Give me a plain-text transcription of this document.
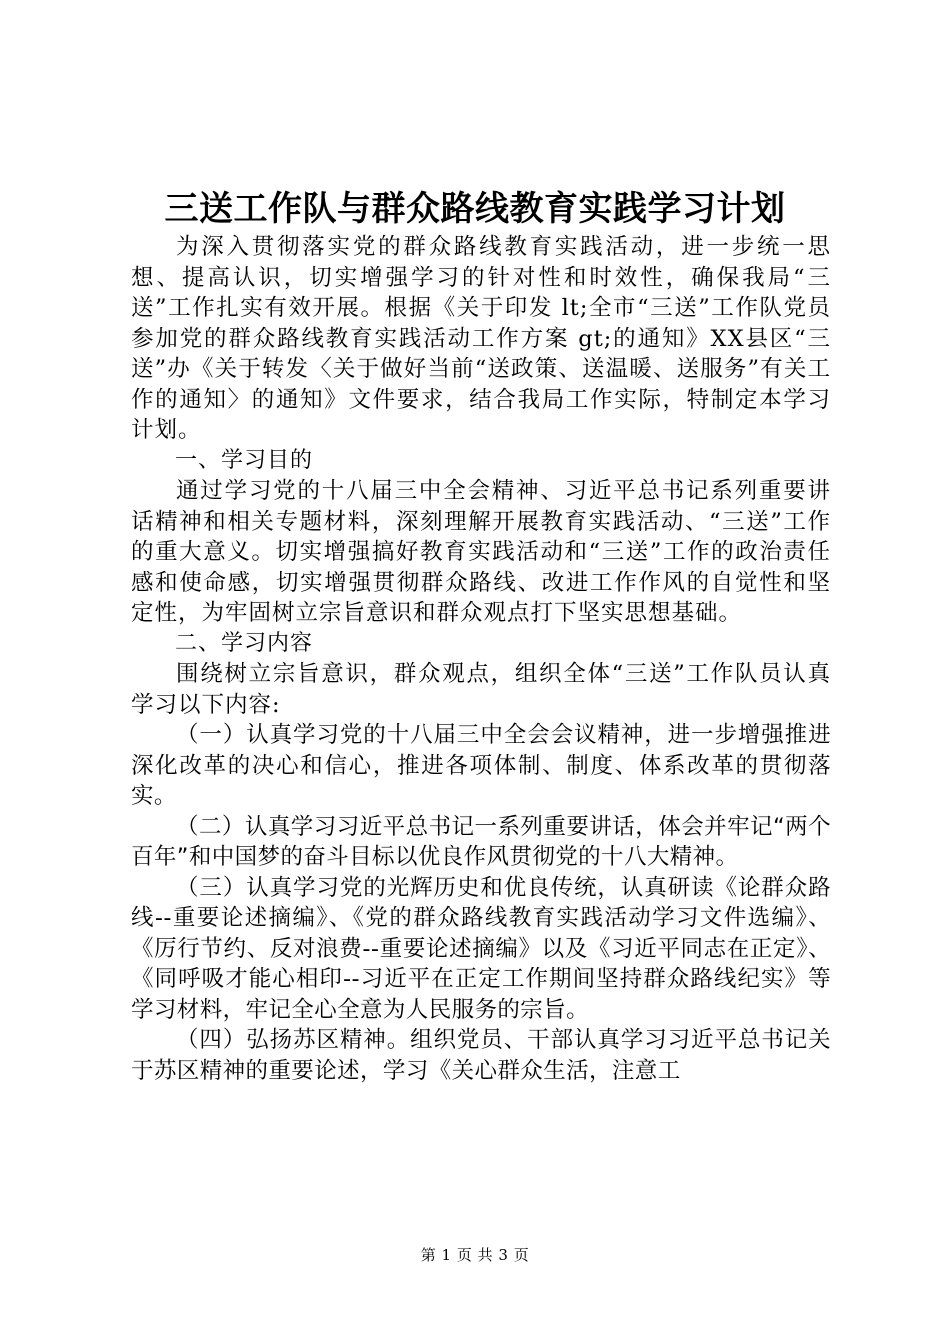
三送工作队与群众路线教育实践学习计划

为深入贯彻落实党的群众路线教育实践活动，进一步统一思想、提高认识，切实增强学习的针对性和时效性，确保我局“三送”工作扎实有效开展。根据《关于印发 lt;全市“三送”工作队党员参加党的群众路线教育实践活动工作方案 gt;的通知》XX县区“三送”办《关于转发〈关于做好当前“送政策、送温暖、送服务”有关工作的通知〉的通知》文件要求，结合我局工作实际，特制定本学习计划。

一、学习目的

通过学习党的十八届三中全会精神、习近平总书记系列重要讲话精神和相关专题材料，深刻理解开展教育实践活动、“三送”工作的重大意义。切实增强搞好教育实践活动和“三送”工作的政治责任感和使命感，切实增强贯彻群众路线、改进工作作风的自觉性和坚定性，为牢固树立宗旨意识和群众观点打下坚实思想基础。

二、学习内容

围绕树立宗旨意识，群众观点，组织全体“三送”工作队员认真学习以下内容:

（一）认真学习党的十八届三中全会会议精神，进一步增强推进深化改革的决心和信心，推进各项体制、制度、体系改革的贯彻落实。

（二）认真学习习近平总书记一系列重要讲话，体会并牢记“两个百年”和中国梦的奋斗目标以优良作风贯彻党的十八大精神。

（三）认真学习党的光辉历史和优良传统，认真研读《论群众路线--重要论述摘编》、《党的群众路线教育实践活动学习文件选编》、《厉行节约、反对浪费--重要论述摘编》以及《习近平同志在正定》、《同呼吸才能心相印--习近平在正定工作期间坚持群众路线纪实》等学习材料，牢记全心全意为人民服务的宗旨。

（四）弘扬苏区精神。组织党员、干部认真学习习近平总书记关于苏区精神的重要论述，学习《关心群众生活，注意工

第 1 页 共 3 页
